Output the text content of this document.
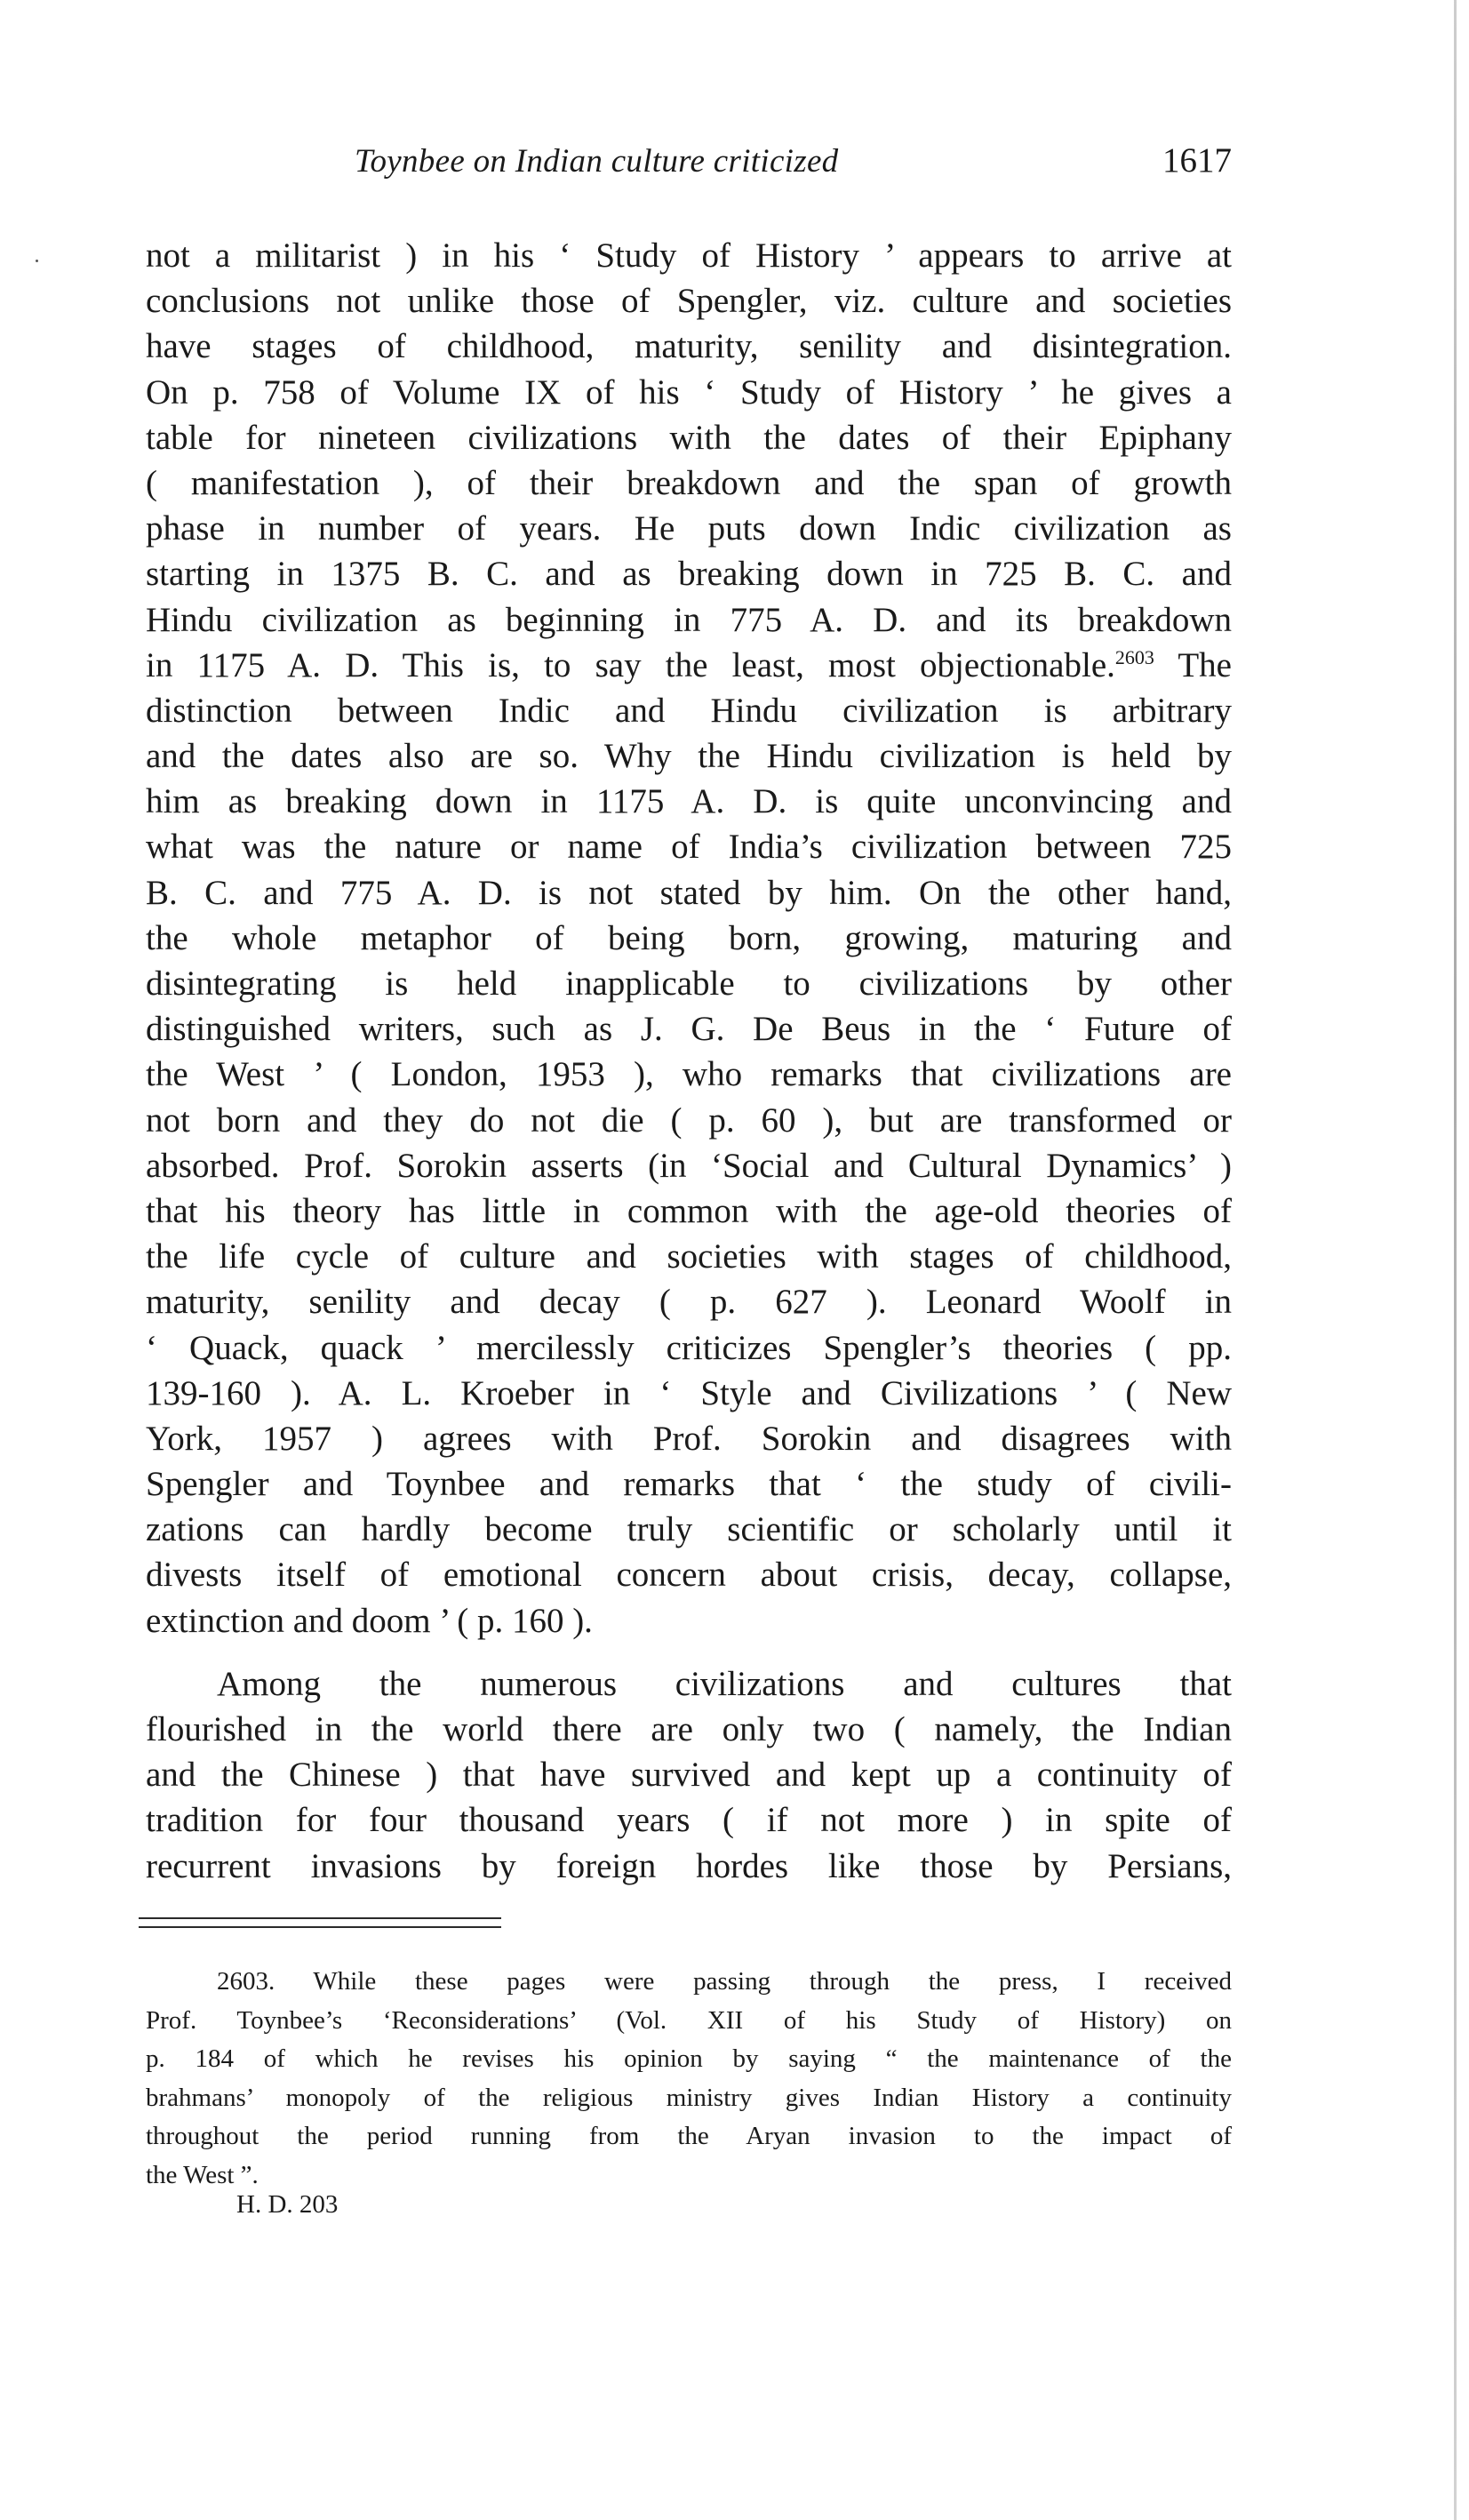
Toynbee on Indian culture criticized	1617
not a militarist ) in his ‘ Study of History ’ appears to arrive at
conclusions not unlike those of Spengler, viz. culture and societies
have stages of childhood, maturity, senility and disintegration.
On p. 758 of Volume IX of his ‘ Study of History ’ he gives a
table for nineteen civilizations with the dates of their Epiphany
( manifestation ), of their breakdown and the span of growth
phase in number of years. He puts down Indic civilization as
starting in 1375 B. C. and as breaking down in 725 B. C. and
Hindu civilization as beginning in 775 A. D. and its breakdown
in 1175 A. D. This is, to say the least, most objectionable.$^{2603}$ The
distinction between Indic and Hindu civilization is arbitrary
and the dates also are so. Why the Hindu civilization is held by
him as breaking down in 1175 A. D. is quite unconvincing and
what was the nature or name of India’s civilization between 725
B. C. and 775 A. D. is not stated by him. On the other hand,
the whole metaphor of being born, growing, maturing and
disintegrating is held inapplicable to civilizations by other
distinguished writers, such as J. G. De Beus in the ‘ Future of
the West ’ ( London, 1953 ), who remarks that civilizations are
not born and they do not die ( p. 60 ), but are transformed or
absorbed. Prof. Sorokin asserts (in ‘Social and Cultural Dynamics’ )
that his theory has little in common with the age-old theories of
the life cycle of culture and societies with stages of childhood,
maturity, senility and decay ( p. 627 ). Leonard Woolf in
‘ Quack, quack ’ mercilessly criticizes Spengler’s theories ( pp.
139-160 ). A. L. Kroeber in ‘ Style and Civilizations ’ ( New
York, 1957 ) agrees with Prof. Sorokin and disagrees with
Spengler and Toynbee and remarks that ‘ the study of civili-
zations can hardly become truly scientific or scholarly until it
divests itself of emotional concern about crisis, decay, collapse,
extinction and doom ’ ( p. 160 ).
Among the numerous civilizations and cultures that
flourished in the world there are only two ( namely, the Indian
and the Chinese ) that have survived and kept up a continuity of
tradition for four thousand years ( if not more ) in spite of
recurrent invasions by foreign hordes like those by Persians,
2603. While these pages were passing through the press, I received
Prof. Toynbee’s ‘Reconsiderations’ (Vol. XII of his Study of History) on
p. 184 of which he revises his opinion by saying “ the maintenance of the
brahmans’ monopoly of the religious ministry gives Indian History a continuity
throughout the period running from the Aryan invasion to the impact of
the West ”.
H. D. 203
